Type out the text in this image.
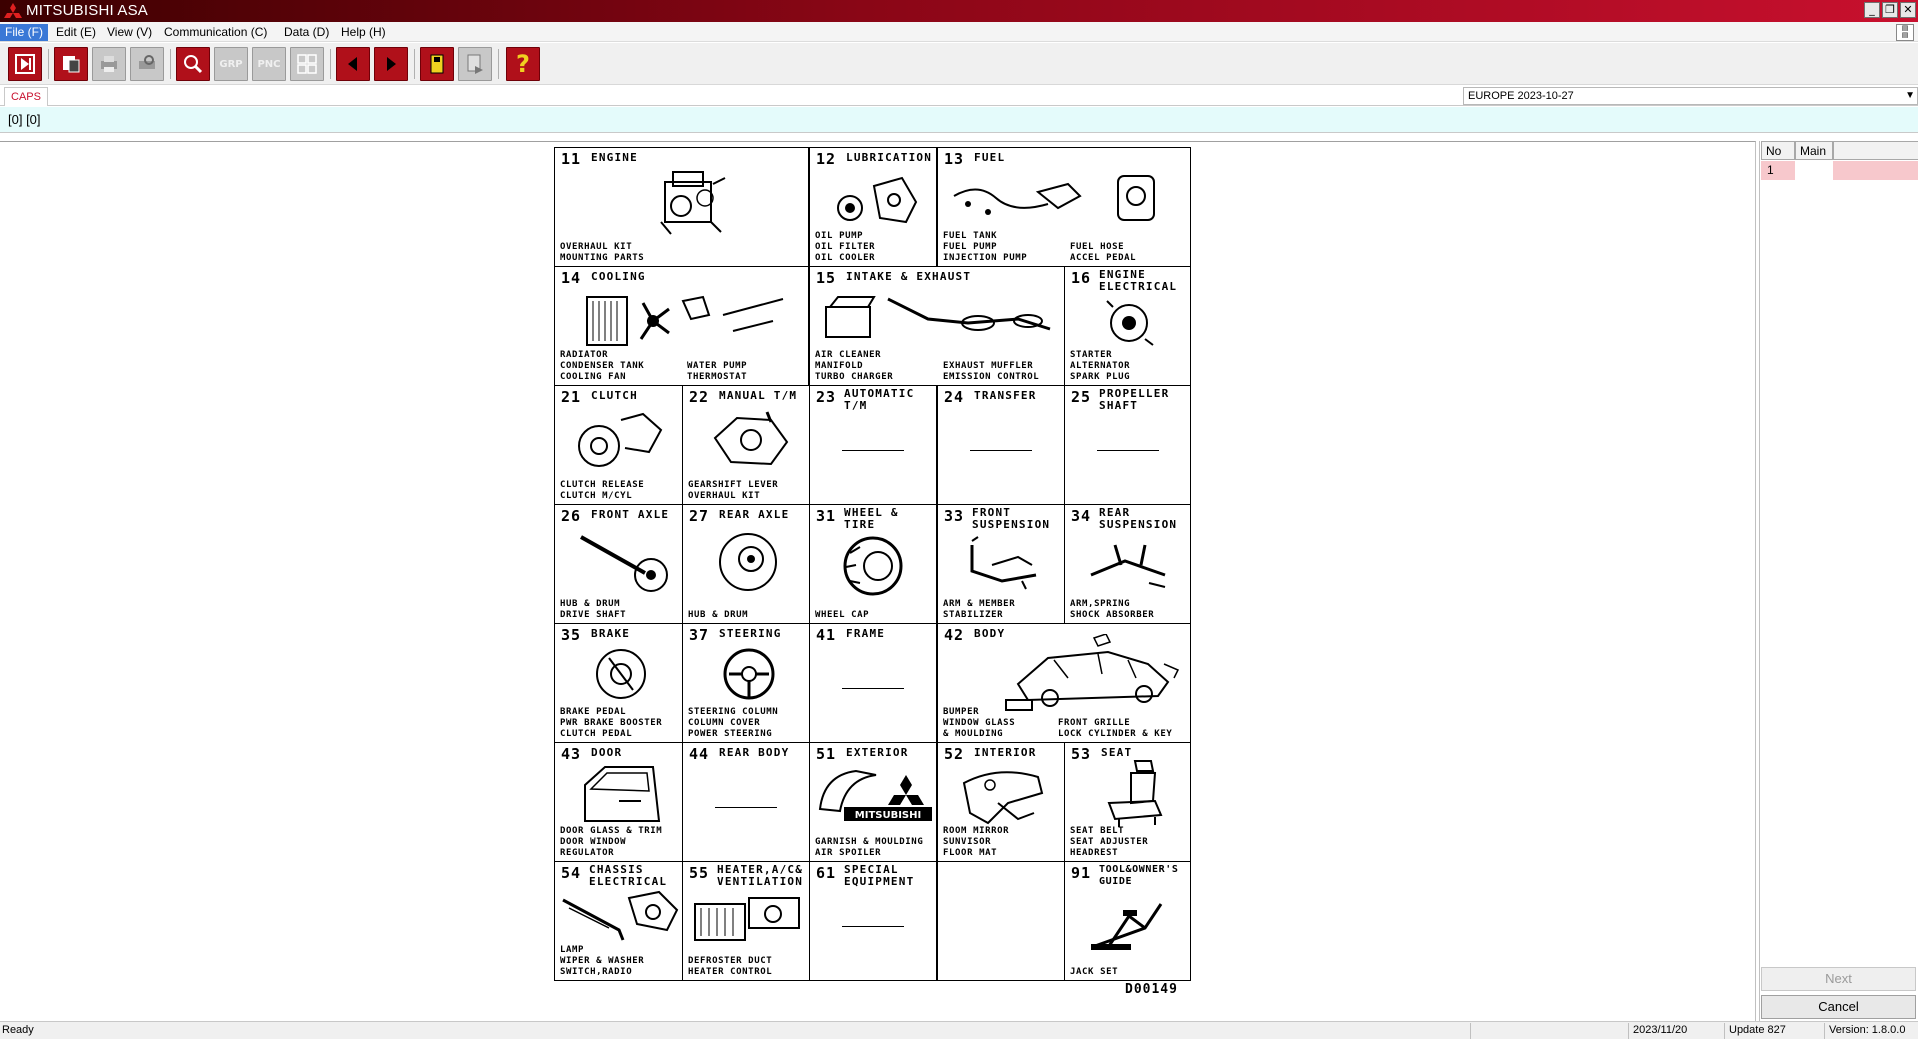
MITSUBISHI ASA	_ ❐ ✕
File (F)	Edit (E) View (V) Communication (C)	Data (D) Help (H)	▤
▤
GRP PNC	?
CAPS	EUROPE 2023-10-27	▼
[0] [0]
11 ENGINE
OVERHAUL KIT
MOUNTING PARTS
12 LUBRICATION
OIL PUMP
OIL FILTER
OIL COOLER
13 FUEL
FUEL TANK
FUEL PUMP
INJECTION PUMP
FUEL HOSE
ACCEL PEDAL
14 COOLING
RADIATOR
CONDENSER TANK
COOLING FAN
WATER PUMP
THERMOSTAT
15 INTAKE & EXHAUST
AIR CLEANER
MANIFOLD
TURBO CHARGER
EXHAUST MUFFLER
EMISSION CONTROL
16 ENGINE
ELECTRICAL
STARTER
ALTERNATOR
SPARK PLUG
21 CLUTCH
CLUTCH RELEASE
CLUTCH M/CYL
22 MANUAL T/M
GEARSHIFT LEVER
OVERHAUL KIT
23 AUTOMATIC
T/M	24 TRANSFER 25 PROPELLER
SHAFT
26 FRONT AXLE
HUB & DRUM
DRIVE SHAFT
27 REAR AXLE
HUB & DRUM
31 WHEEL &
TIRE
WHEEL CAP
33 FRONT
SUSPENSION
ARM & MEMBER
STABILIZER
34 REAR
SUSPENSION
ARM,SPRING
SHOCK ABSORBER
35 BRAKE
BRAKE PEDAL
PWR BRAKE BOOSTER
CLUTCH PEDAL
37 STEERING
STEERING COLUMN
COLUMN COVER
POWER STEERING
41 FRAME	42 BODY
BUMPER
WINDOW GLASS
& MOULDING
FRONT GRILLE
LOCK CYLINDER & KEY
43 DOOR
DOOR GLASS & TRIM
DOOR WINDOW
REGULATOR
44 REAR BODY 51 EXTERIOR
MITSUBISHI
GARNISH & MOULDING
AIR SPOILER
52 INTERIOR
ROOM MIRROR
SUNVISOR
FLOOR MAT
53 SEAT
SEAT BELT
SEAT ADJUSTER
HEADREST
54 CHASSIS
ELECTRICAL
LAMP
WIPER & WASHER
SWITCH,RADIO
55 HEATER,A/C&
VENTILATION
DEFROSTER DUCT
HEATER CONTROL
61 SPECIAL
EQUIPMENT	91 TOOL&OWNER'S
GUIDE
JACK SET
D00149
No	Main
1
Next
Cancel
Ready	2023/11/20	Update 827	Version: 1.8.0.0
